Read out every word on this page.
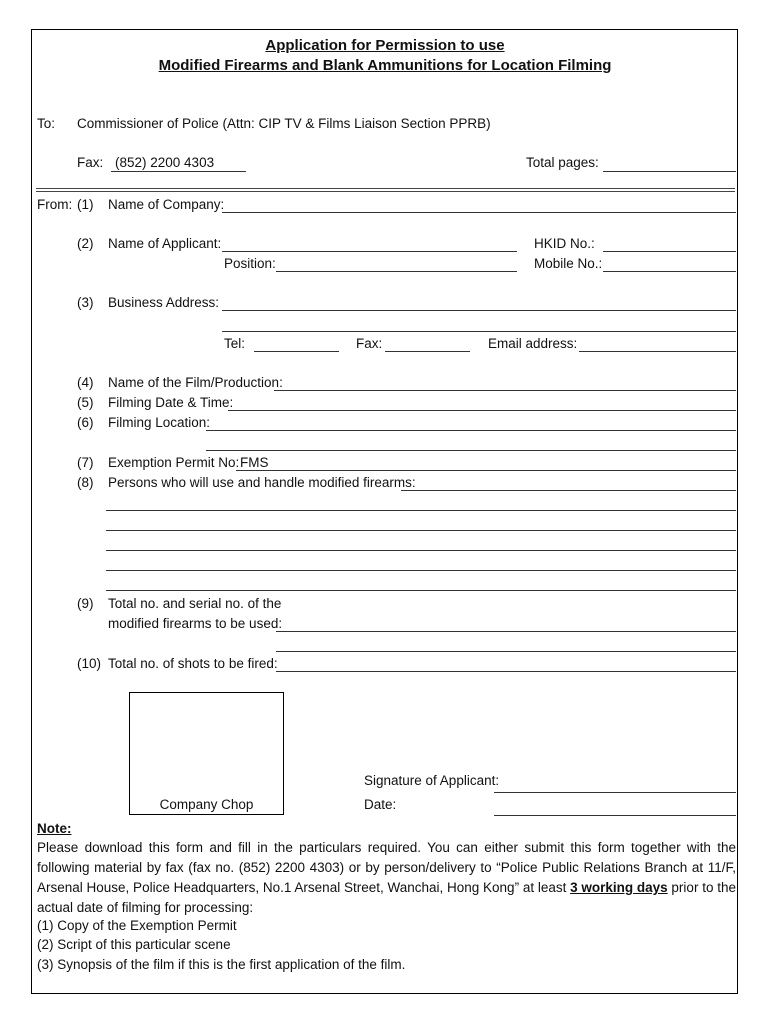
Application for Permission to use
Modified Firearms and Blank Ammunitions for Location Filming
To: Commissioner of Police (Attn: CIP TV & Films Liaison Section PPRB)
Fax: (852) 2200 4303	Total pages:
From: (1) Name of Company:
(2) Name of Applicant:	HKID No.:
Position:	Mobile No.:
(3) Business Address:
Tel:	Fax:	Email address:
(4) Name of the Film/Production:
(5) Filming Date & Time:
(6) Filming Location:
(7) Exemption Permit No: FMS
(8) Persons who will use and handle modified firearms:
(9) Total no. and serial no. of the
modified firearms to be used:
(10) Total no. of shots to be fired:
Company Chop
Signature of Applicant:
Date:
Note:
Please download this form and fill in the particulars required. You can either submit this form together with the following material by fax (fax no. (852) 2200 4303) or by person/delivery to “Police Public Relations Branch at 11/F, Arsenal House, Police Headquarters, No.1 Arsenal Street, Wanchai, Hong Kong” at least 3 working days prior to the actual date of filming for processing:
(1) Copy of the Exemption Permit
(2) Script of this particular scene
(3) Synopsis of the film if this is the first application of the film.
